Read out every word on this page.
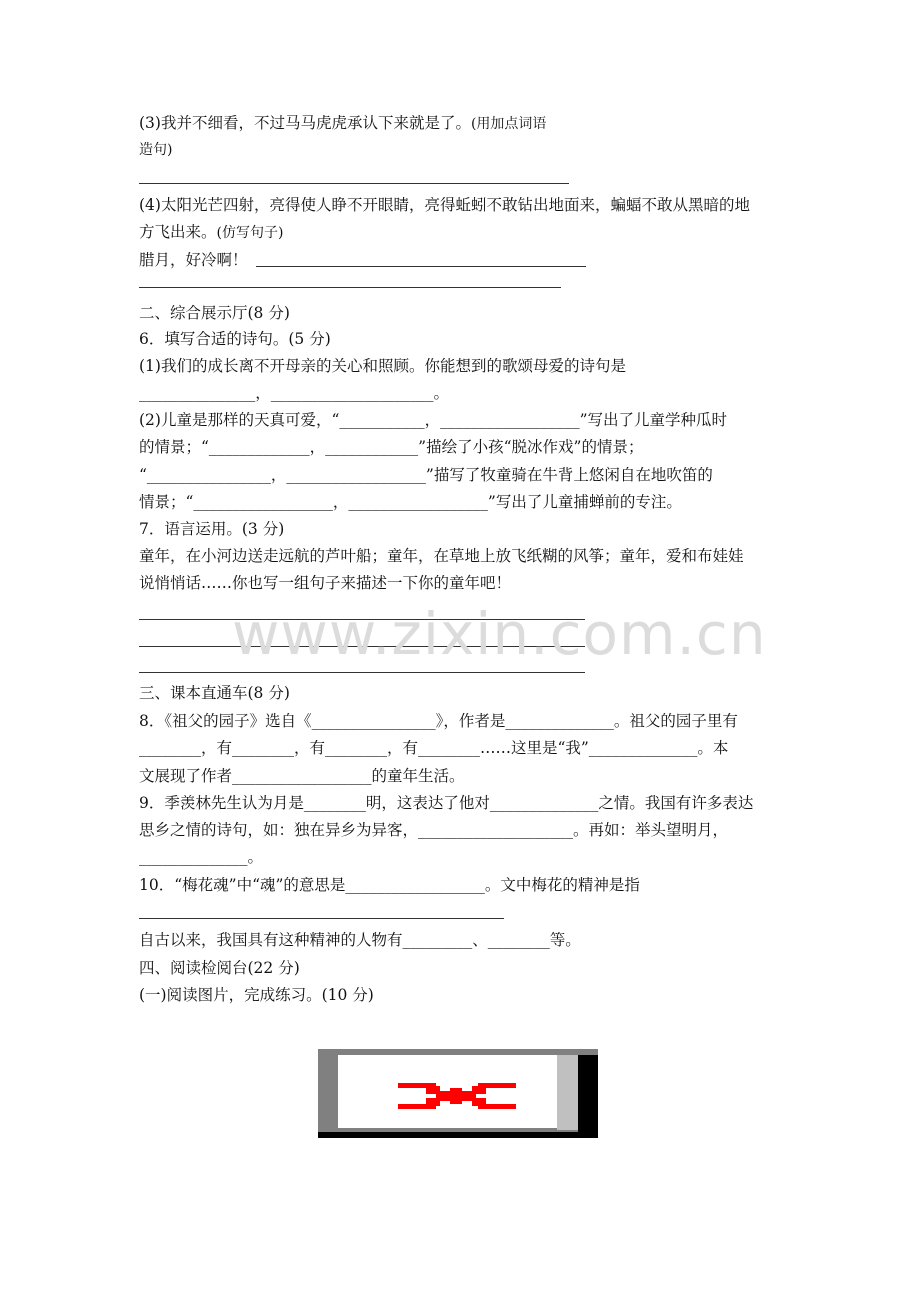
(3)我并不细看，不过马马虎虎承认下来就是了。(用加点词语
造句)
(4)太阳光芒四射，亮得使人睁不开眼睛，亮得蚯蚓不敢钻出地面来，蝙蝠不敢从黑暗的地
方飞出来。(仿写句子)
腊月，好冷啊！
二、综合展示厅(8 分)
6．填写合适的诗句。(5 分)
(1)我们的成长离不开母亲的关心和照顾。你能想到的歌颂母爱的诗句是
_______________，_____________________。
(2)儿童是那样的天真可爱，“___________，__________________”写出了儿童学种瓜时
的情景；“_____________，____________”描绘了小孩“脱冰作戏”的情景；
“________________，__________________”描写了牧童骑在牛背上悠闲自在地吹笛的
情景；“__________________，__________________”写出了儿童捕蝉前的专注。
7．语言运用。(3 分)
童年，在小河边送走远航的芦叶船；童年，在草地上放飞纸糊的风筝；童年，爱和布娃娃
说悄悄话……你也写一组句子来描述一下你的童年吧！
www.zixin.com.cn
三、课本直通车(8 分)
8．《祖父的园子》选自《________________》，作者是______________。祖父的园子里有
________，有________，有________，有________……这里是“我”______________。本
文展现了作者__________________的童年生活。
9．季羡林先生认为月是________明，这表达了他对______________之情。我国有许多表达
思乡之情的诗句，如：独在异乡为异客，____________________。再如：举头望明月，
______________。
10．“梅花魂”中“魂”的意思是__________________。文中梅花的精神是指
自古以来，我国具有这种精神的人物有_________、________等。
四、阅读检阅台(22 分)
(一)阅读图片，完成练习。(10 分)
